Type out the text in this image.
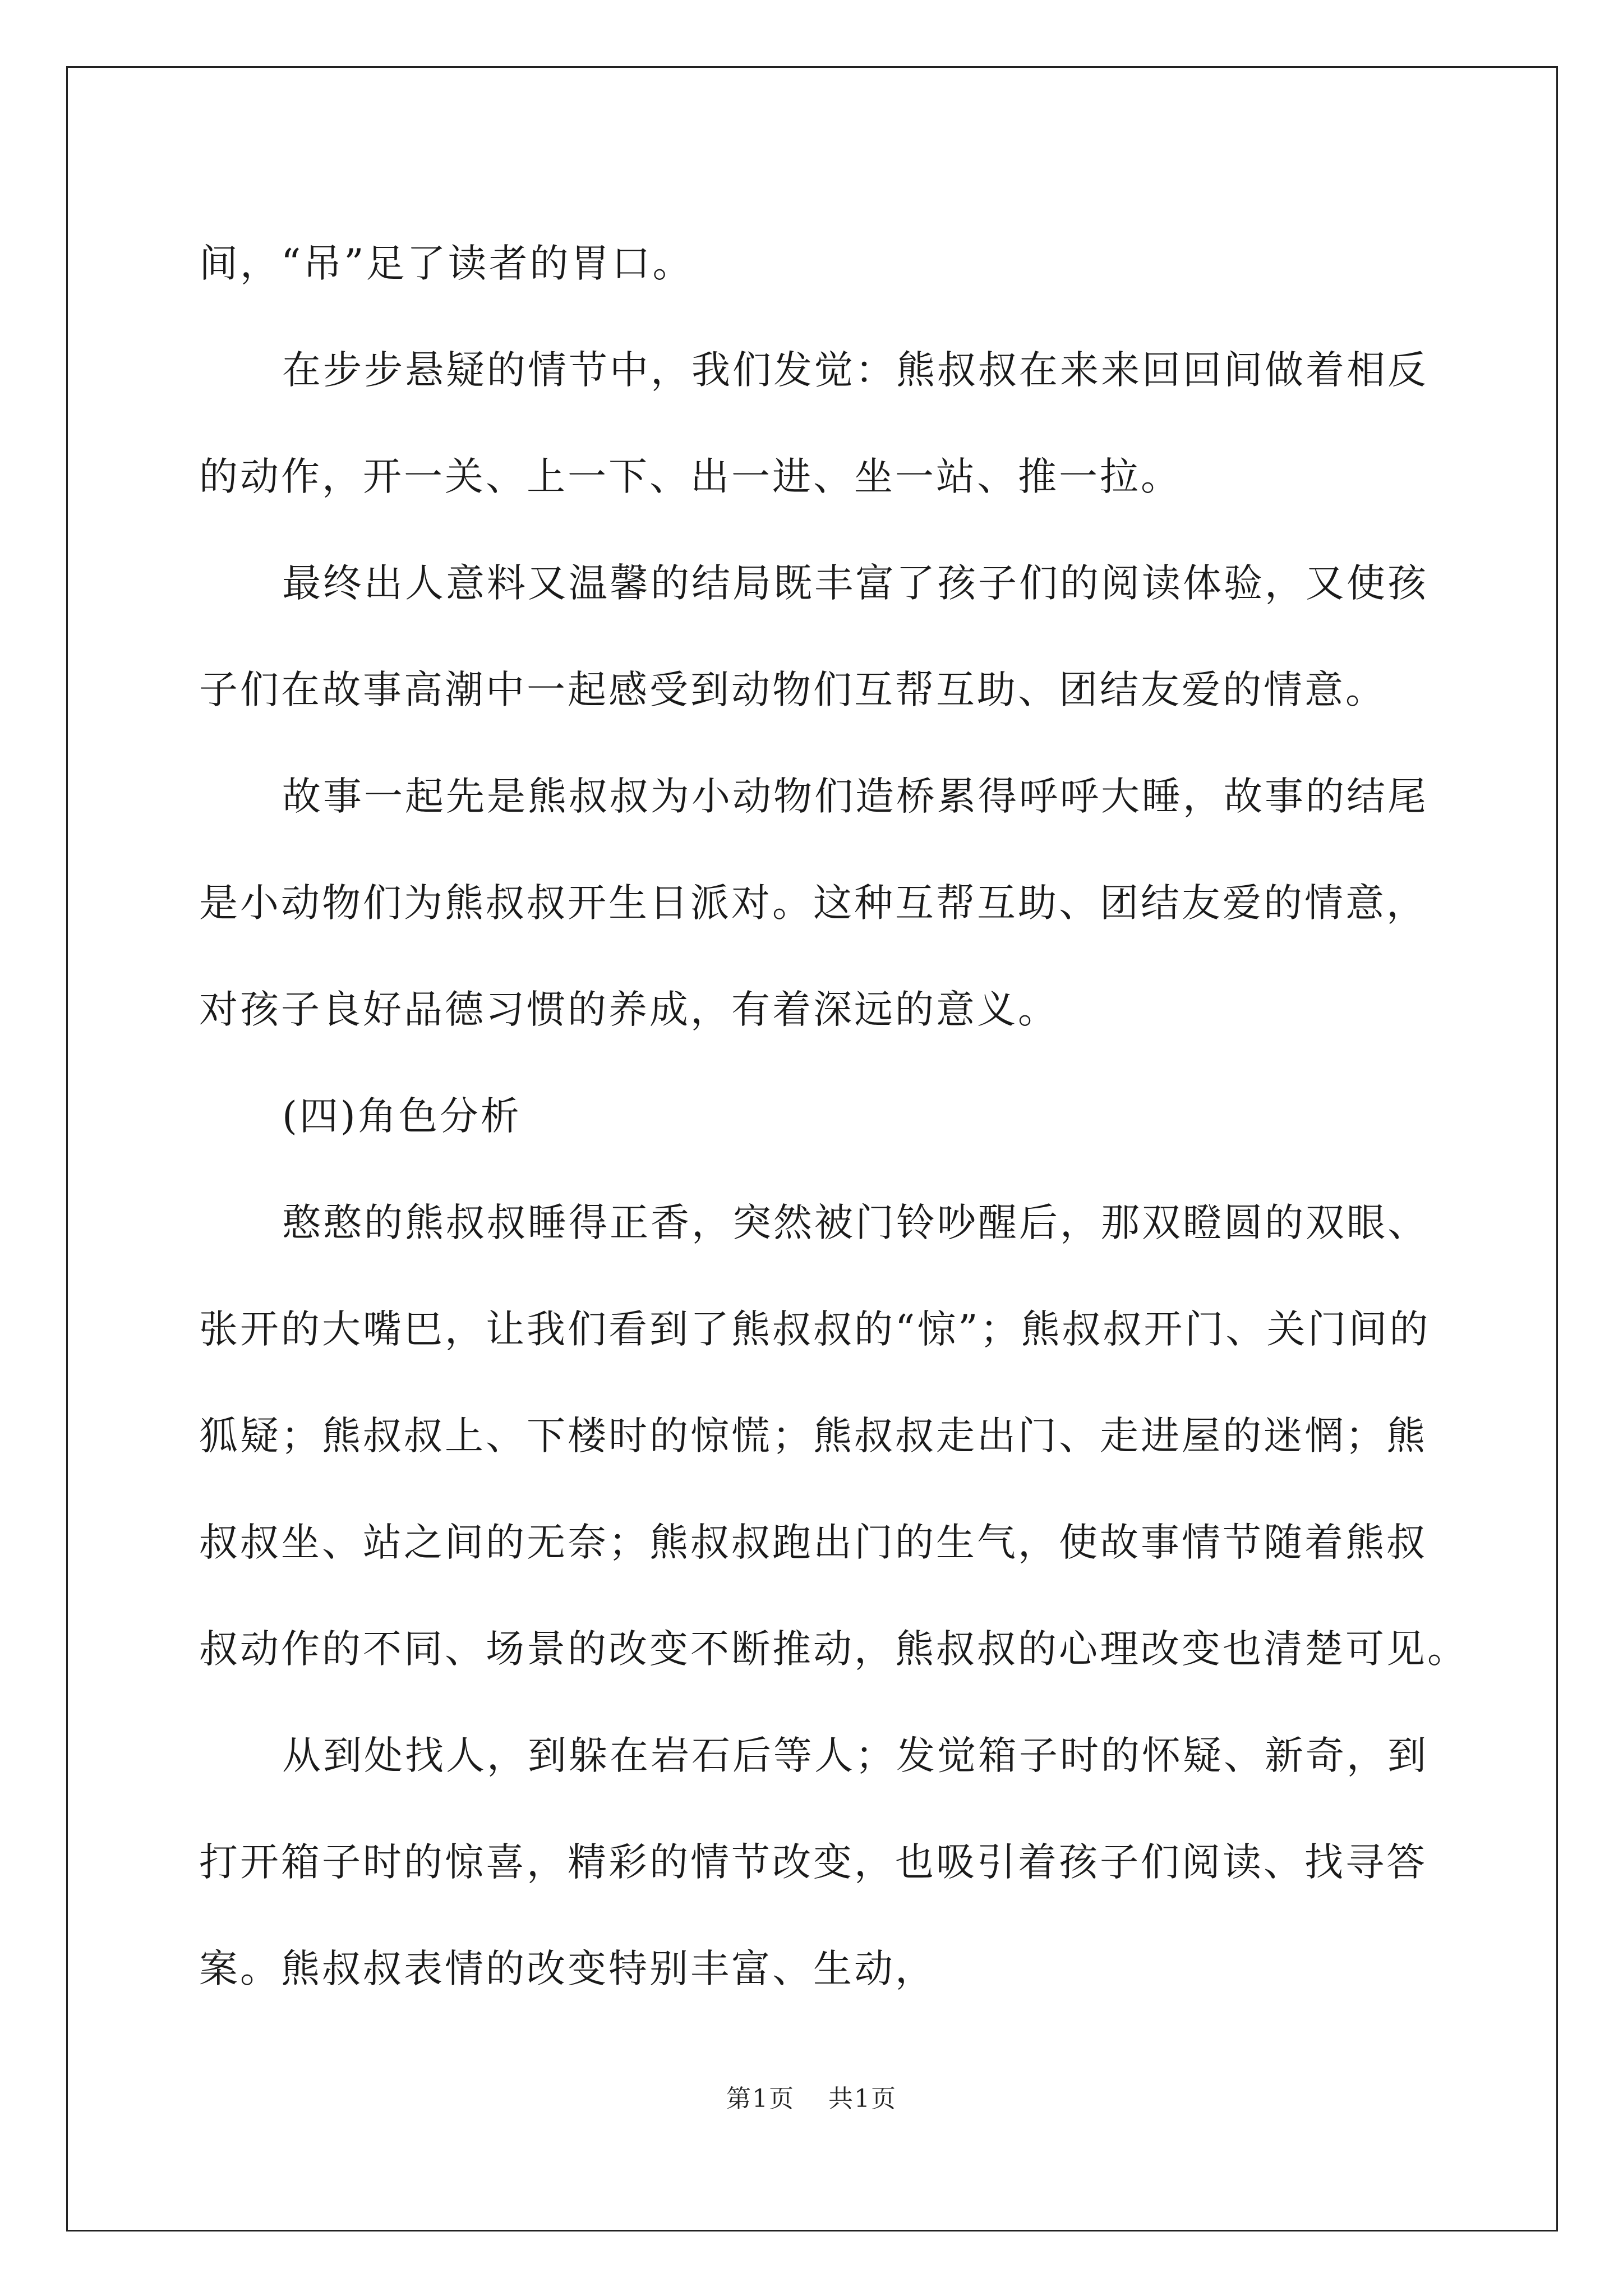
间，“吊”足了读者的胃口。
在步步悬疑的情节中，我们发觉：熊叔叔在来来回回间做着相反
的动作，开一关、上一下、出一进、坐一站、推一拉。
最终出人意料又温馨的结局既丰富了孩子们的阅读体验，又使孩
子们在故事高潮中一起感受到动物们互帮互助、团结友爱的情意。
故事一起先是熊叔叔为小动物们造桥累得呼呼大睡，故事的结尾
是小动物们为熊叔叔开生日派对。这种互帮互助、团结友爱的情意，
对孩子良好品德习惯的养成，有着深远的意义。
(四)角色分析
憨憨的熊叔叔睡得正香，突然被门铃吵醒后，那双瞪圆的双眼、
张开的大嘴巴，让我们看到了熊叔叔的“惊”；熊叔叔开门、关门间的
狐疑；熊叔叔上、下楼时的惊慌；熊叔叔走出门、走进屋的迷惘；熊
叔叔坐、站之间的无奈；熊叔叔跑出门的生气，使故事情节随着熊叔
叔动作的不同、场景的改变不断推动，熊叔叔的心理改变也清楚可见。
从到处找人，到躲在岩石后等人；发觉箱子时的怀疑、新奇，到
打开箱子时的惊喜，精彩的情节改变，也吸引着孩子们阅读、找寻答
案。熊叔叔表情的改变特别丰富、生动，
第1页 共1页
